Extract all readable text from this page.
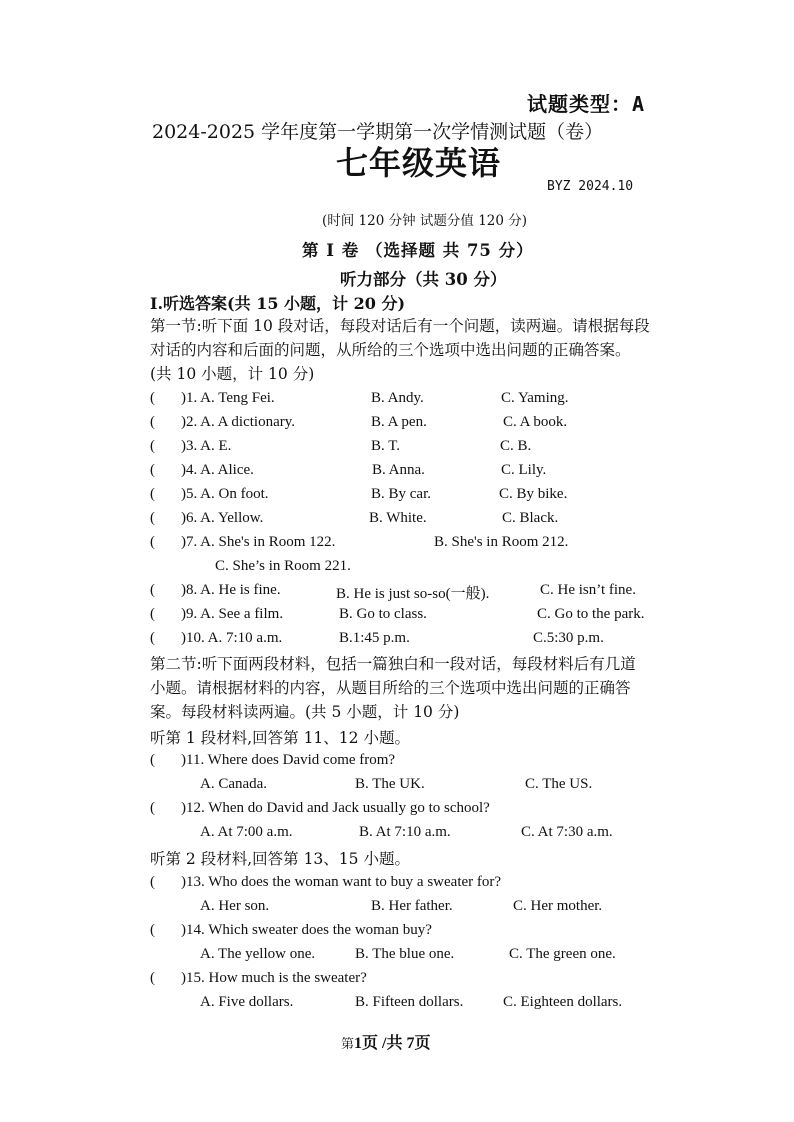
试题类型：A
2024-2025 学年度第一学期第一次学情测试题（卷）
七年级英语
BYZ 2024.10
(时间 120 分钟 试题分值 120 分)
第 I 卷 （选择题 共 75 分）
听力部分（共 30 分）
I.听选答案(共 15 小题，计 20 分)
第一节:听下面 10 段对话，每段对话后有一个问题，读两遍。请根据每段对话的内容和后面的问题，从所给的三个选项中选出问题的正确答案。(共 10 小题，计 10 分)
( )1. A. Teng Fei.	B. Andy.	C. Yaming.
( )2. A. A dictionary.	B. A pen.	C. A book.
( )3. A. E.	B. T.	C. B.
( )4. A. Alice.	B. Anna.	C. Lily.
( )5. A. On foot.	B. By car.	C. By bike.
( )6. A. Yellow.	B. White.	C. Black.
( )7. A. She's in Room 122.	B. She's in Room 212.
C. She’s in Room 221.
( )8. A. He is fine.	B. He is just so-so(一般).	C. He isn’t fine.
( )9. A. See a film.	B. Go to class.	C. Go to the park.
( )10. A. 7:10 a.m.	B.1:45 p.m.	C.5:30 p.m.
第二节:听下面两段材料，包括一篇独白和一段对话，每段材料后有几道小题。请根据材料的内容，从题目所给的三个选项中选出问题的正确答案。每段材料读两遍。(共 5 小题，计 10 分)
听第 1 段材料,回答第 11、12 小题。
( )11. Where does David come from?
A. Canada.	B. The UK.	C. The US.
( )12. When do David and Jack usually go to school?
A. At 7:00 a.m.	B. At 7:10 a.m.	C. At 7:30 a.m.
听第 2 段材料,回答第 13、15 小题。
( )13. Who does the woman want to buy a sweater for?
A. Her son.	B. Her father.	C. Her mother.
( )14. Which sweater does the woman buy?
A. The yellow one.	B. The blue one.	C. The green one.
( )15. How much is the sweater?
A. Five dollars.	B. Fifteen dollars.	C. Eighteen dollars.
第1页 /共 7页
